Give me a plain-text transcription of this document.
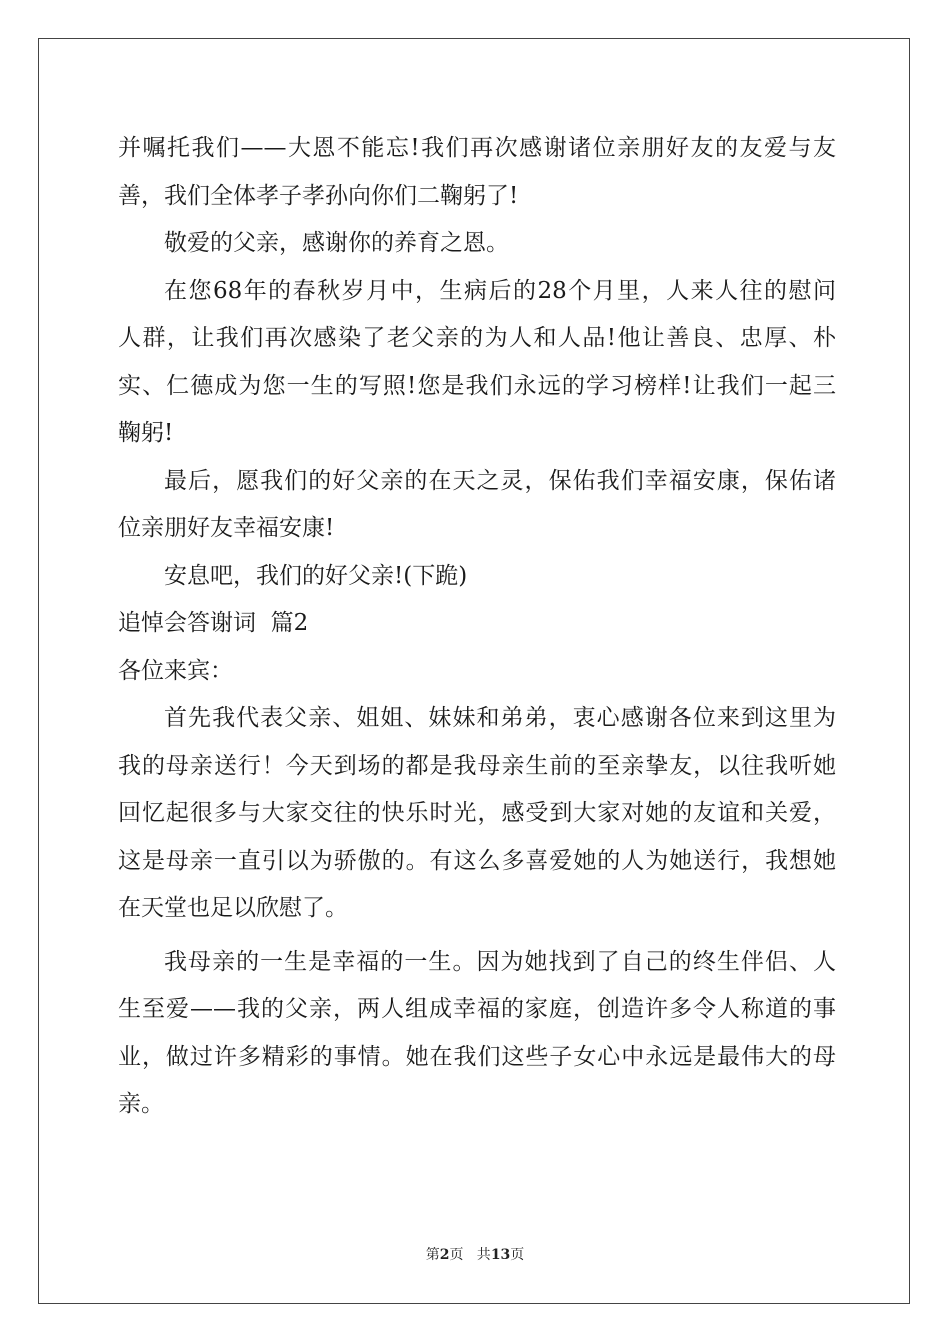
并嘱托我们——大恩不能忘!我们再次感谢诸位亲朋好友的友爱与友
善，我们全体孝子孝孙向你们二鞠躬了!
敬爱的父亲，感谢你的养育之恩。
在您68年的春秋岁月中，生病后的28个月里，人来人往的慰问
人群，让我们再次感染了老父亲的为人和人品!他让善良、忠厚、朴
实、仁德成为您一生的写照!您是我们永远的学习榜样!让我们一起三
鞠躬!
最后，愿我们的好父亲的在天之灵，保佑我们幸福安康，保佑诸
位亲朋好友幸福安康!
安息吧，我们的好父亲!(下跪)
追悼会答谢词  篇2
各位来宾：
首先我代表父亲、姐姐、妹妹和弟弟，衷心感谢各位来到这里为
我的母亲送行！今天到场的都是我母亲生前的至亲挚友，以往我听她
回忆起很多与大家交往的快乐时光，感受到大家对她的友谊和关爱，
这是母亲一直引以为骄傲的。有这么多喜爱她的人为她送行，我想她
在天堂也足以欣慰了。
我母亲的一生是幸福的一生。因为她找到了自己的终生伴侣、人
生至爱——我的父亲，两人组成幸福的家庭，创造许多令人称道的事
业，做过许多精彩的事情。她在我们这些子女心中永远是最伟大的母
亲。
第2页   共13页
